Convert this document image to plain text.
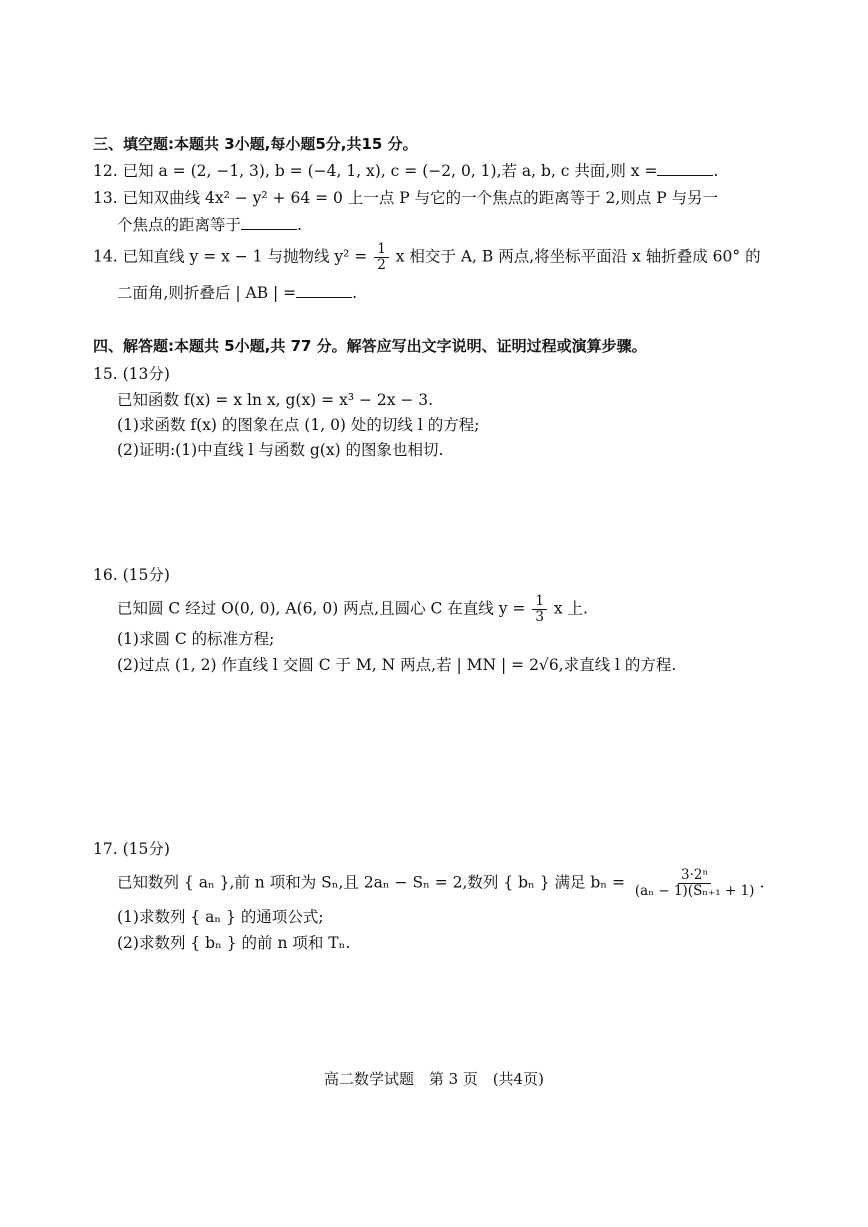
三、填空题:本题共 3小题,每小题5分,共15 分。
12. 已知 a = (2, −1, 3), b = (−4, 1, x), c = (−2, 0, 1),若 a, b, c 共面,则 x =	.
13. 已知双曲线 4x² − y² + 64 = 0 上一点 P 与它的一个焦点的距离等于 2,则点 P 与另一
个焦点的距离等于	.
14. 已知直线 y = x − 1 与抛物线 $y^2 = \frac{1}{2}$ x 相交于 A, B 两点,将坐标平面沿 x 轴折叠成 60° 的
二面角,则折叠后 | AB | =	.
四、解答题:本题共 5小题,共 77 分。解答应写出文字说明、证明过程或演算步骤。
15. (13分)
已知函数 f(x) = x ln x, g(x) = x³ − 2x − 3.
(1)求函数 f(x) 的图象在点 (1, 0) 处的切线 l 的方程;
(2)证明:(1)中直线 l 与函数 g(x) 的图象也相切.
16. (15分)
已知圆 C 经过 O(0, 0), A(6, 0) 两点,且圆心 C 在直线 $y = \frac{1}{3}$ x 上.
(1)求圆 C 的标准方程;
(2)过点 (1, 2) 作直线 l 交圆 C 于 M, N 两点,若 | MN | = 2√6,求直线 l 的方程.
17. (15分)
已知数列 { aₙ },前 n 项和为 Sₙ,且 2aₙ − Sₙ = 2,数列 { bₙ } 满足 $b_n = \frac{\text{3·2ⁿ}}{\text{(aₙ − 1)(Sₙ₊₁ + 1)}}$ .
(1)求数列 { aₙ } 的通项公式;
(2)求数列 { bₙ } 的前 n 项和 Tₙ.
高二数学试题 第 3 页 (共4页)
